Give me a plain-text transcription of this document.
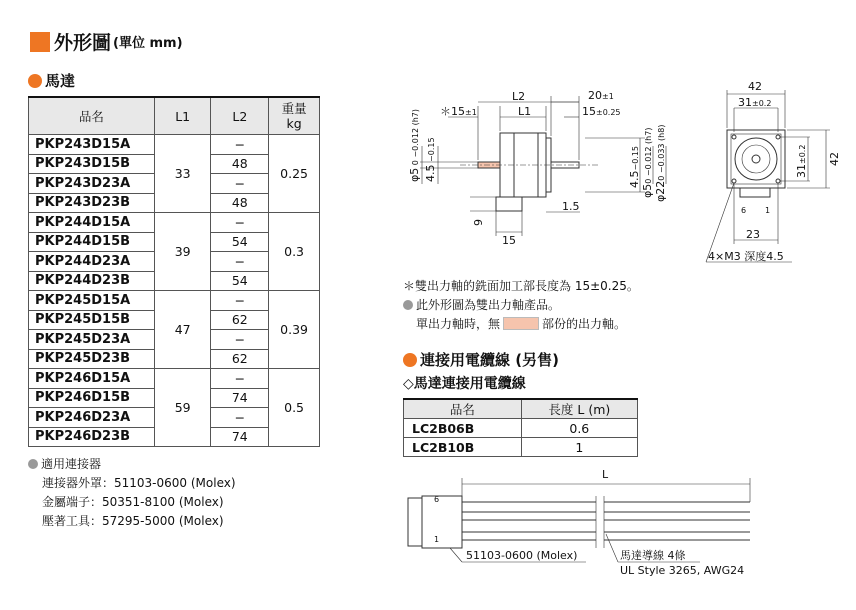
外形圖 (單位 mm)
馬達
品名	L1	L2	重量
kg
PKP243D15A	33	−	0.25
PKP243D15B		48	
PKP243D23A		−	
PKP243D23B		48	
PKP244D15A	39	−	0.3
PKP244D15B		54	
PKP244D23A		−	
PKP244D23B		54	
PKP245D15A	47	−	0.39
PKP245D15B		62	
PKP245D23A		−	
PKP245D23B		62	
PKP246D15A	59	−	0.5
PKP246D15B		74	
PKP246D23A		−	
PKP246D23B		74	
適用連接器
連接器外罩：51103-0600 (Molex)
金屬端子：50351-8100 (Molex)
壓著工具：57295-5000 (Molex)
L2
L1
20±1
15±0.25
＊15±1
9
15
1.5
φ5 0 −0.012 (h7)
4.5 −0.15
4.5−0.15
φ50 −0.012 (h7)
φ220 −0.033 (h8)
42
31±0.2
31±0.2 42
23
6 1
4×M3 深度4.5
＊雙出力軸的銑面加工部長度為 15±0.25。
此外形圖為雙出力軸產品。
單出力軸時，無	部份的出力軸。
連接用電纜線 (另售)
◇馬達連接用電纜線
品名	長度 L (m)
LC2B06B	0.6
LC2B10B	1
L
6
1
51103-0600 (Molex)	馬達導線 4條
UL Style 3265, AWG24
